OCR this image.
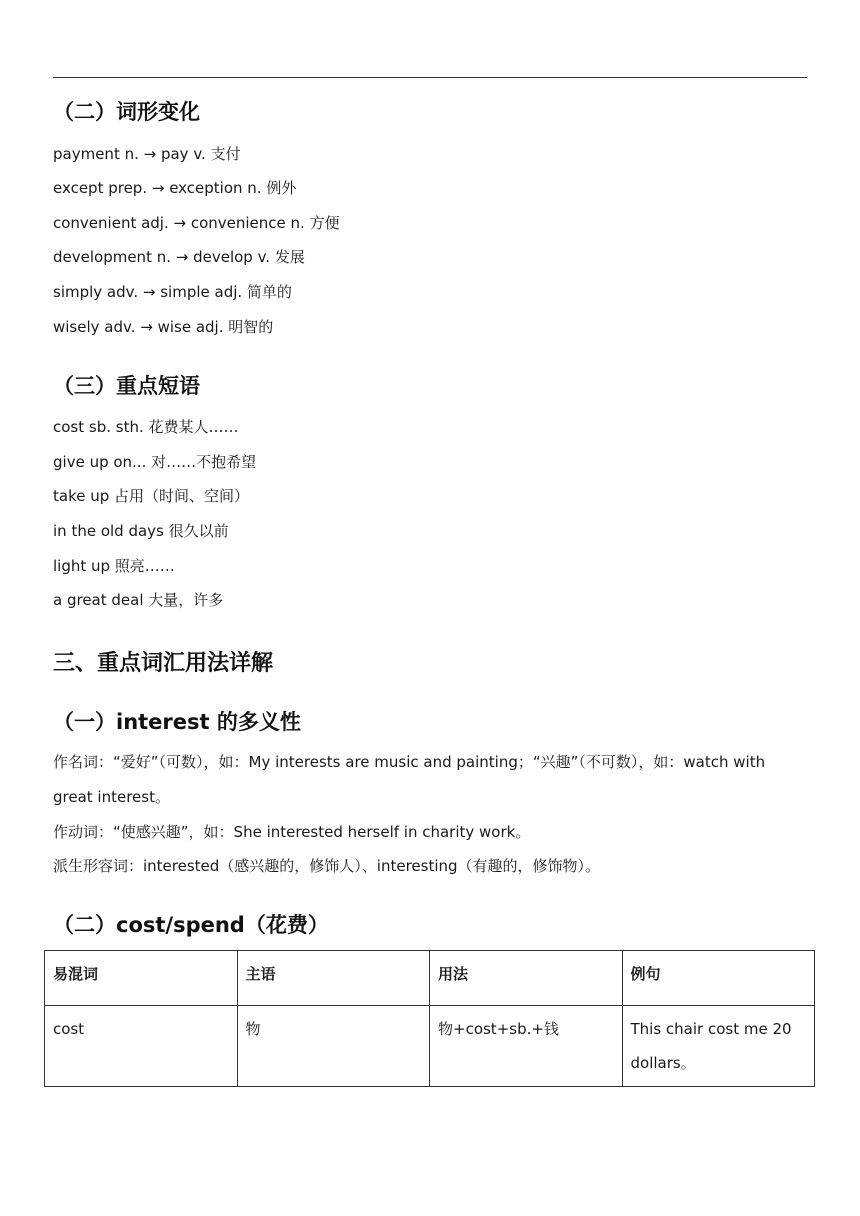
（二）词形变化
payment n. → pay v. 支付
except prep. → exception n. 例外
convenient adj. → convenience n. 方便
development n. → develop v. 发展
simply adv. → simple adj. 简单的
wisely adv. → wise adj. 明智的
（三）重点短语
cost sb. sth. 花费某人……
give up on... 对……不抱希望
take up 占用（时间、空间）
in the old days 很久以前
light up 照亮……
a great deal 大量，许多
三、重点词汇用法详解
（一）interest 的多义性
作名词：“爱好”（可数），如：My interests are music and painting；“兴趣”（不可数），如：watch with great interest。
作动词：“使感兴趣”，如：She interested herself in charity work。
派生形容词：interested（感兴趣的，修饰人）、interesting（有趣的，修饰物）。
（二）cost/spend（花费）
易混词	主语	用法	例句
cost	物	物+cost+sb.+钱	This chair cost me 20 dollars。
